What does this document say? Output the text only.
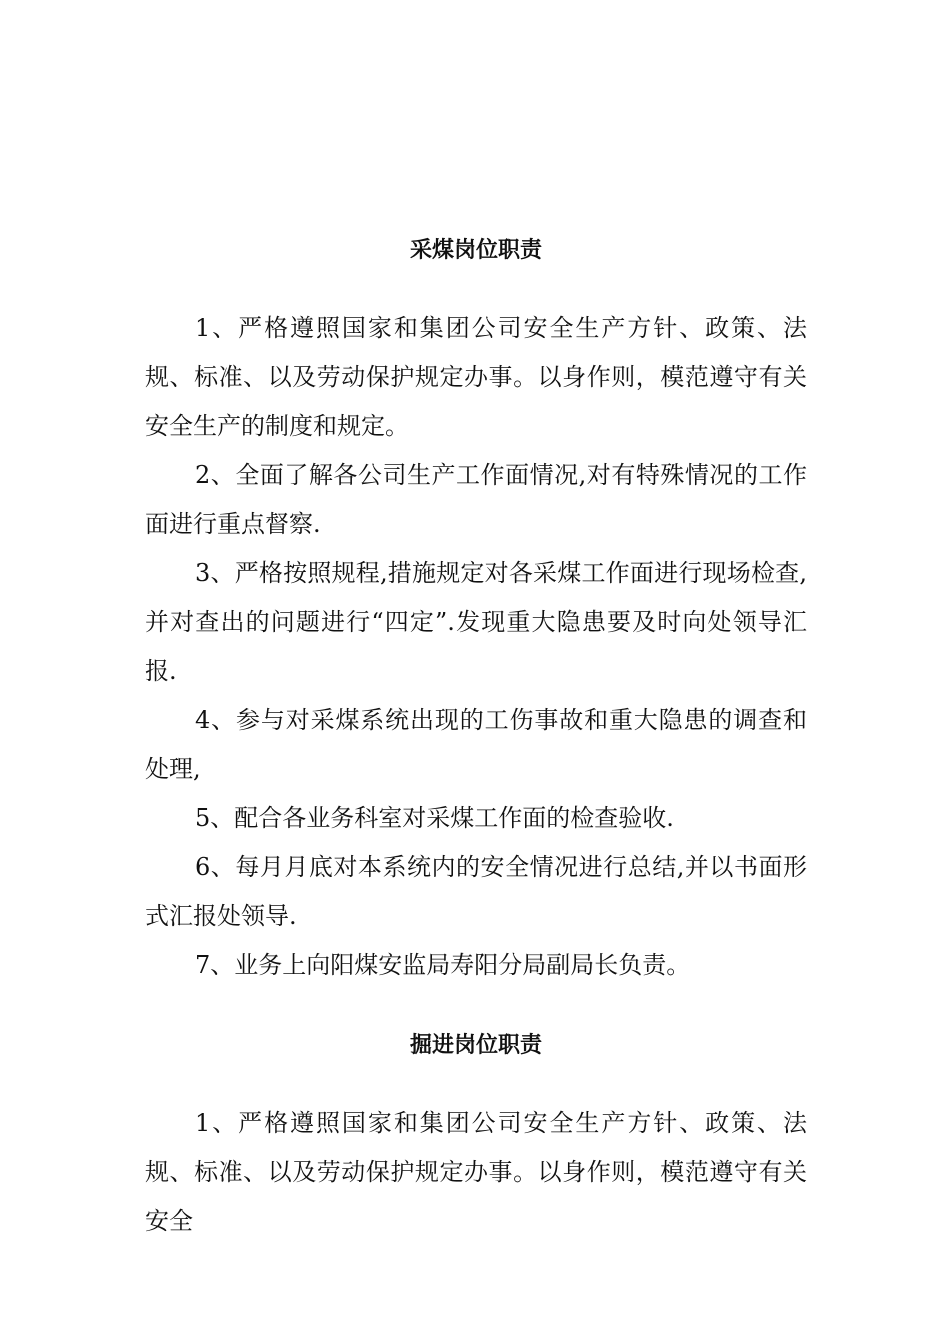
采煤岗位职责

1、严格遵照国家和集团公司安全生产方针、政策、法规、标准、以及劳动保护规定办事。以身作则，模范遵守有关安全生产的制度和规定。

2、全面了解各公司生产工作面情况,对有特殊情况的工作面进行重点督察.

3、严格按照规程,措施规定对各采煤工作面进行现场检查,并对查出的问题进行“四定”.发现重大隐患要及时向处领导汇报.

4、参与对采煤系统出现的工伤事故和重大隐患的调查和处理,

5、配合各业务科室对采煤工作面的检查验收.

6、每月月底对本系统内的安全情况进行总结,并以书面形式汇报处领导.

7、业务上向阳煤安监局寿阳分局副局长负责。

掘进岗位职责

1、严格遵照国家和集团公司安全生产方针、政策、法规、标准、以及劳动保护规定办事。以身作则，模范遵守有关安全
